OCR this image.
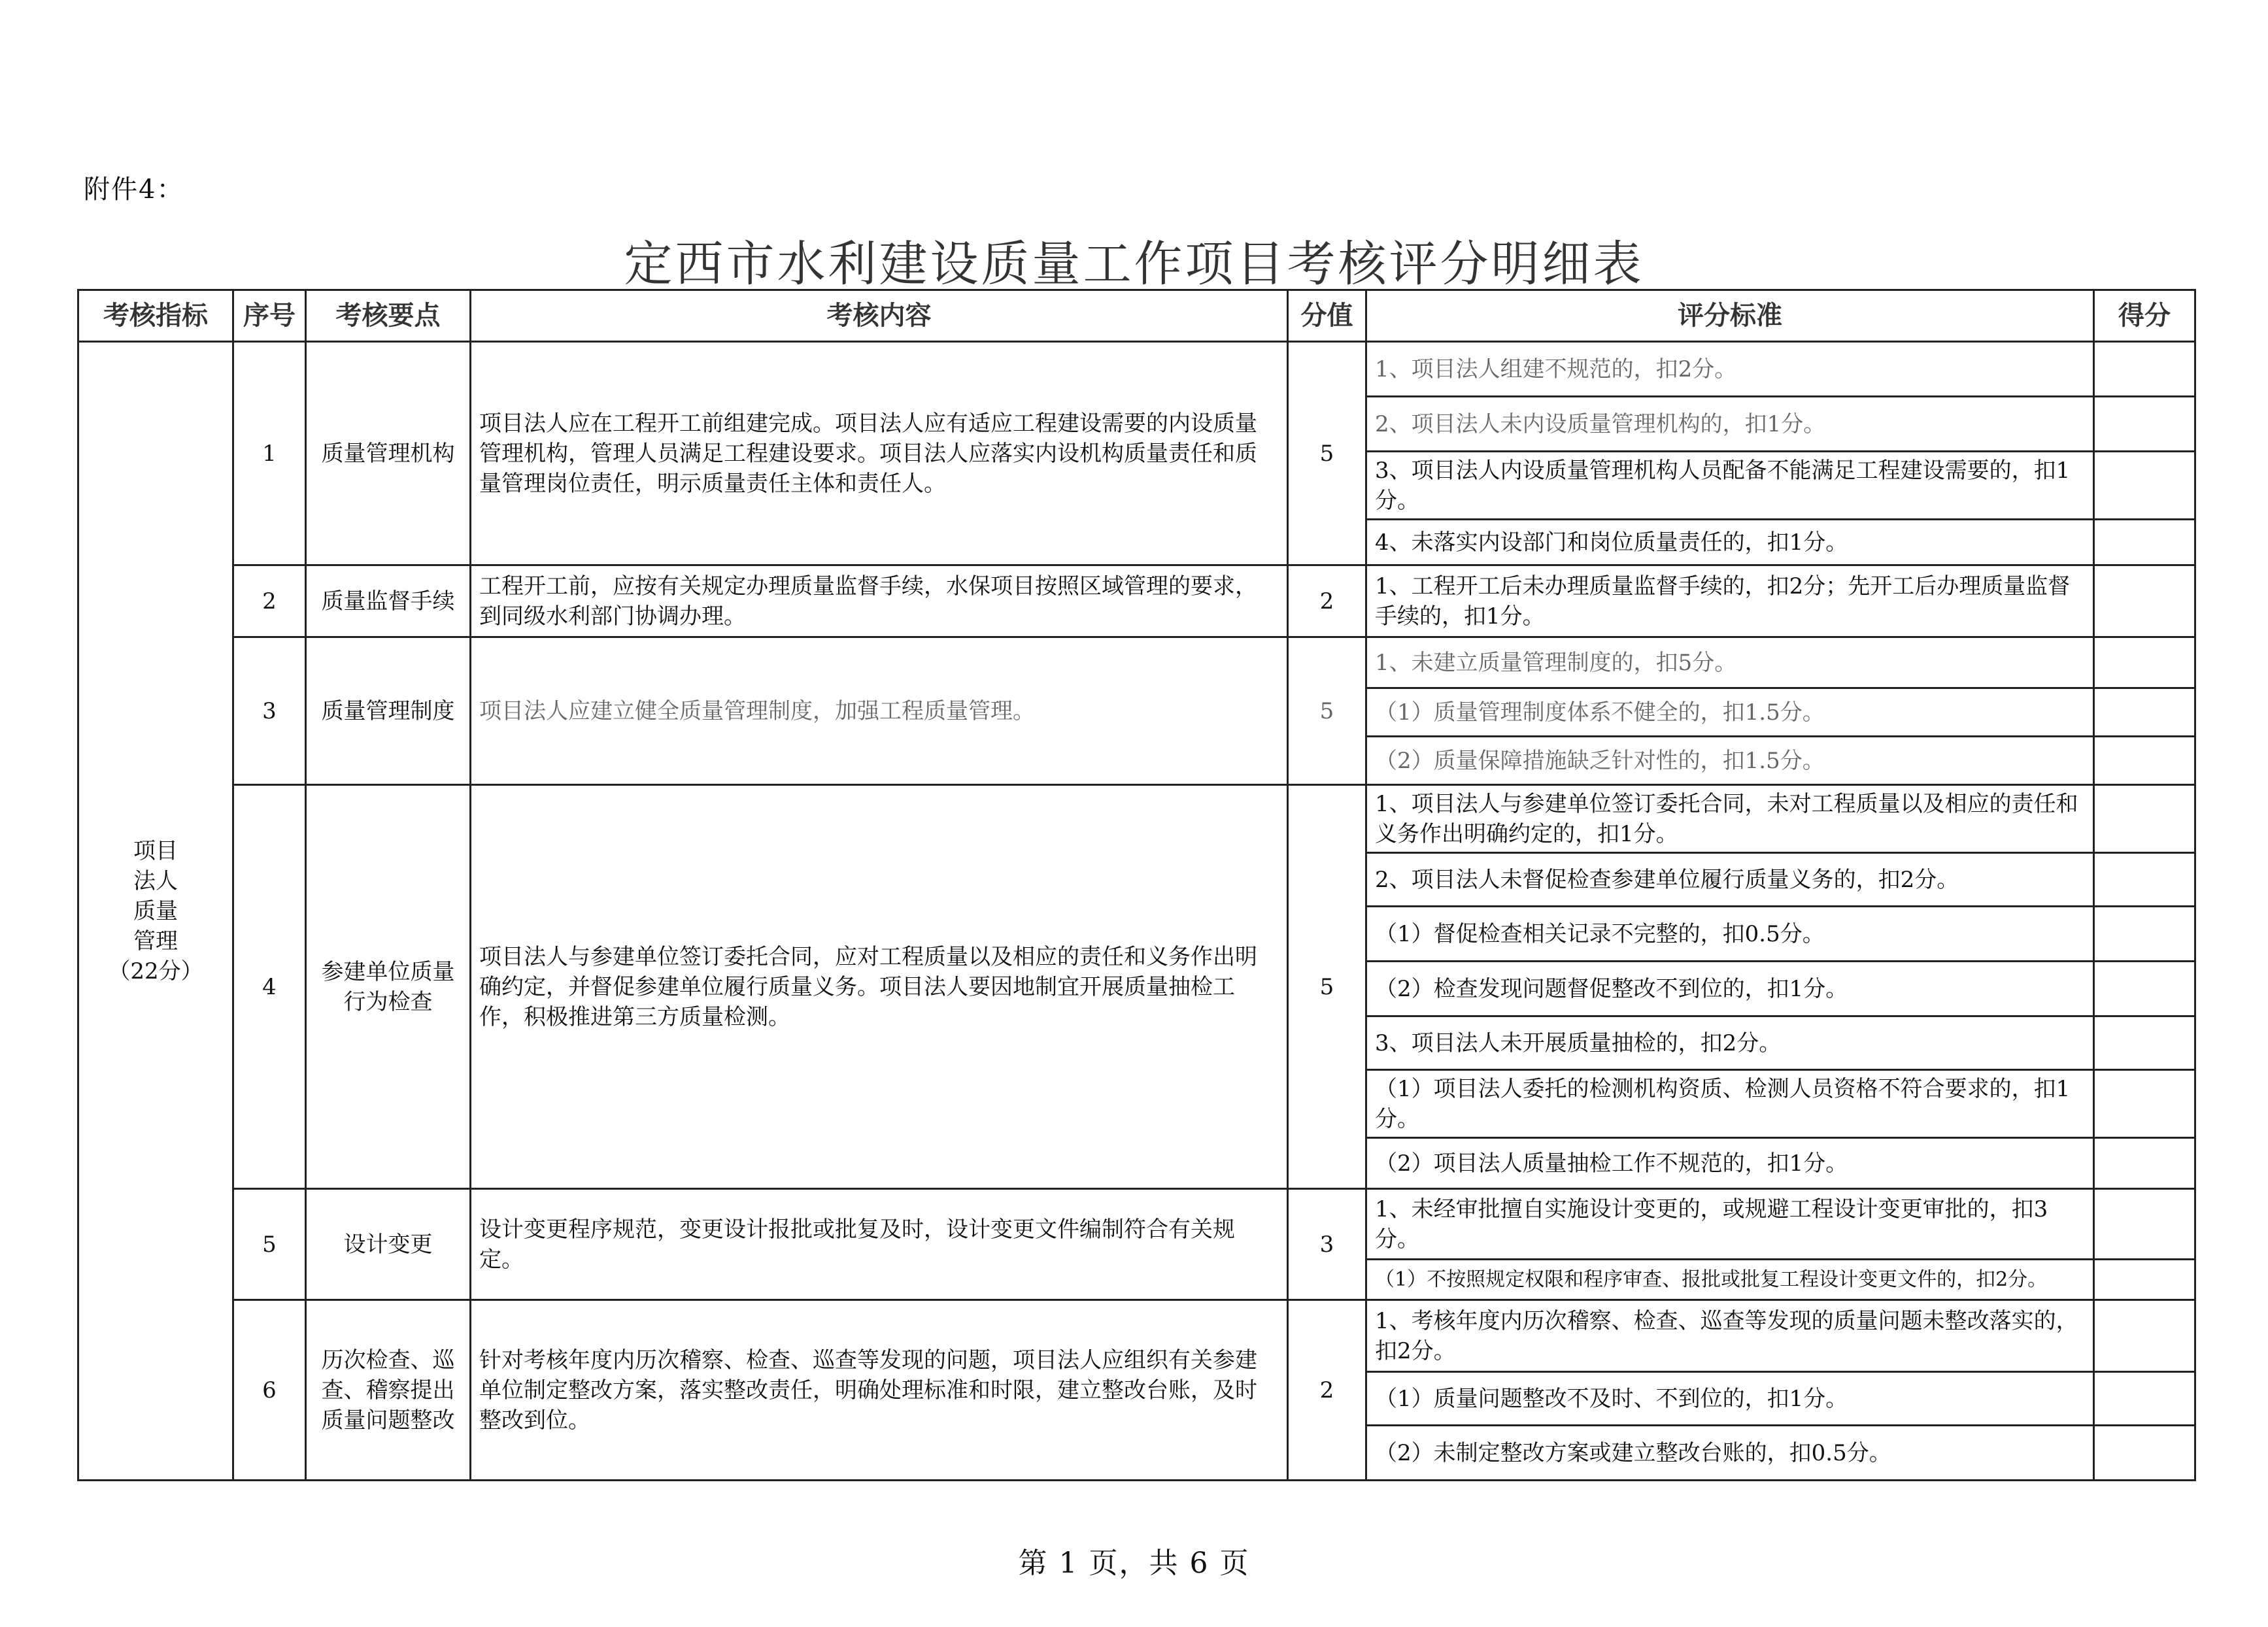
附件4：
定西市水利建设质量工作项目考核评分明细表
考核指标	序号	考核要点	考核内容	分值	评分标准	得分

项目
法人
质量
管理
（22分）	1	质量管理机构	项目法人应在工程开工前组建完成。项目法人应有适应工程建设需要的内设质量管理机构，管理人员满足工程建设要求。项目法人应落实内设机构质量责任和质量管理岗位责任，明示质量责任主体和责任人。	5	1、项目法人组建不规范的，扣2分。	
					2、项目法人未内设质量管理机构的，扣1分。	
					3、项目法人内设质量管理机构人员配备不能满足工程建设需要的，扣1分。	
					4、未落实内设部门和岗位质量责任的，扣1分。	
	2	质量监督手续	工程开工前，应按有关规定办理质量监督手续，水保项目按照区域管理的要求，到同级水利部门协调办理。	2	1、工程开工后未办理质量监督手续的，扣2分；先开工后办理质量监督手续的，扣1分。	
	3	质量管理制度	项目法人应建立健全质量管理制度，加强工程质量管理。	5	1、未建立质量管理制度的，扣5分。	
					（1）质量管理制度体系不健全的，扣1.5分。	
					（2）质量保障措施缺乏针对性的，扣1.5分。	
	4	参建单位质量行为检查	项目法人与参建单位签订委托合同，应对工程质量以及相应的责任和义务作出明确约定，并督促参建单位履行质量义务。项目法人要因地制宜开展质量抽检工作，积极推进第三方质量检测。	5	1、项目法人与参建单位签订委托合同，未对工程质量以及相应的责任和义务作出明确约定的，扣1分。	
					2、项目法人未督促检查参建单位履行质量义务的，扣2分。	
					（1）督促检查相关记录不完整的，扣0.5分。	
					（2）检查发现问题督促整改不到位的，扣1分。	
					3、项目法人未开展质量抽检的，扣2分。	
					（1）项目法人委托的检测机构资质、检测人员资格不符合要求的，扣1分。	
					（2）项目法人质量抽检工作不规范的，扣1分。	
	5	设计变更	设计变更程序规范，变更设计报批或批复及时，设计变更文件编制符合有关规定。	3	1、未经审批擅自实施设计变更的，或规避工程设计变更审批的，扣3分。	
					（1）不按照规定权限和程序审查、报批或批复工程设计变更文件的，扣2分。	
	6	历次检查、巡查、稽察提出质量问题整改	针对考核年度内历次稽察、检查、巡查等发现的问题，项目法人应组织有关参建单位制定整改方案，落实整改责任，明确处理标准和时限，建立整改台账，及时整改到位。	2	1、考核年度内历次稽察、检查、巡查等发现的质量问题未整改落实的，扣2分。	
					（1）质量问题整改不及时、不到位的，扣1分。	
					（2）未制定整改方案或建立整改台账的，扣0.5分。	
第 1 页，共 6 页
